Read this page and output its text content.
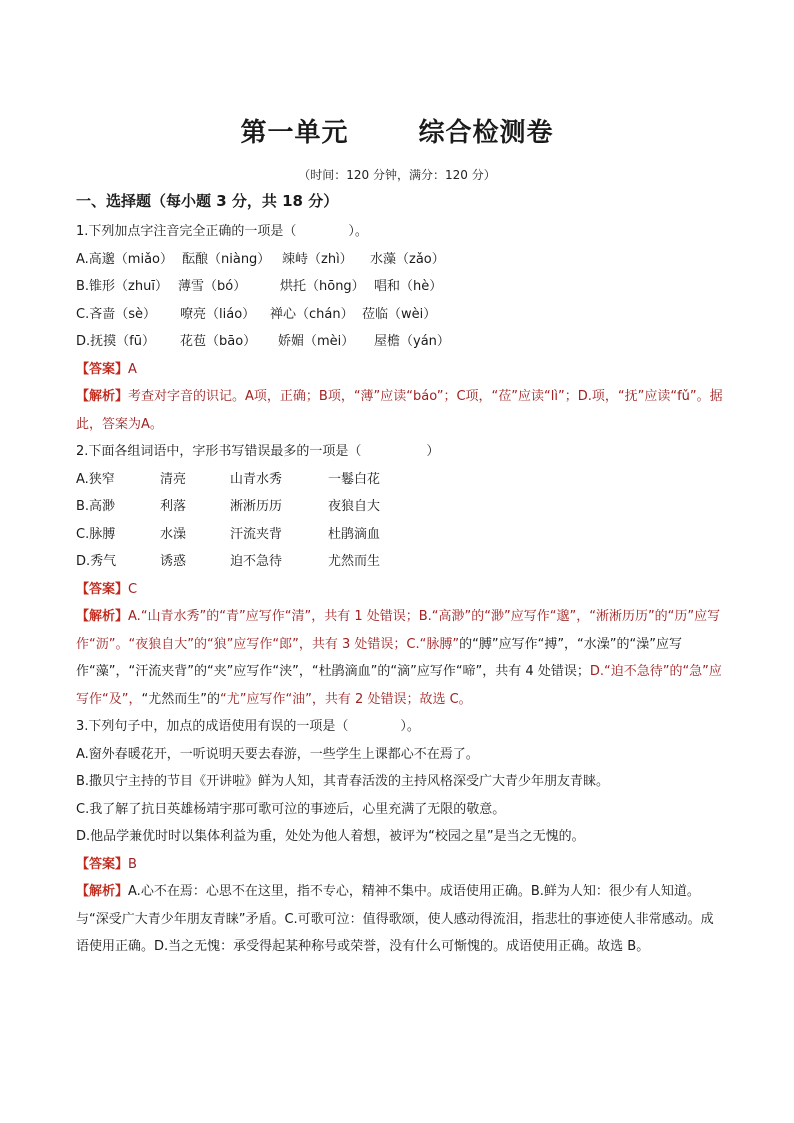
第一单元	综合检测卷
（时间：120 分钟，满分：120 分）
一、选择题（每小题 3 分，共 18 分）
1.下列加点字注音完全正确的一项是（　　　　）。
A.高邈（miǎo） 酝酿（niàng） 竦峙（zhì） 水藻（zǎo）
B.锥形（zhuī） 薄雪（bó）	烘托（hōng） 唱和（hè）
C.吝啬（sè） 嘹亮（liáo） 禅心（chán） 莅临（wèi）
D.抚摸（fū） 花苞（bāo） 娇媚（mèi） 屋檐（yán）
【答案】A
【解析】考查对字音的识记。A项，正确；B项，“薄”应读“báo”；C项，“莅”应读“lì”；D.项，“抚”应读“fǔ”。据此，答案为A。
2.下面各组词语中，字形书写错误最多的一项是（　　　　　）
A.狭窄	清亮	山青水秀	一鬈白花
B.高渺	利落	淅淅历历	夜狼自大
C.脉膊	水澡	汗流夹背	杜鹃滴血
D.秀气	诱惑	迫不急待	尤然而生
【答案】C
【解析】A.“山青水秀”的“青”应写作“清”，共有 1 处错误；B.“高渺”的“渺”应写作“邈”，“淅淅历历”的“历”应写作“沥”。“夜狼自大”的“狼”应写作“郎”，共有 3 处错误；C.“脉膊”的“膊”应写作“搏”，“水澡”的“澡”应写作“藻”，“汗流夹背”的“夹”应写作“浃”，“杜鹃滴血”的“滴”应写作“啼”，共有 4 处错误；D.“迫不急待”的“急”应写作“及”，“尤然而生”的“尤”应写作“油”，共有 2 处错误；故选 C。
3.下列句子中，加点的成语使用有误的一项是（　　　　）。
A.窗外春暖花开，一听说明天要去春游，一些学生上课都心不在焉了。
B.撒贝宁主持的节目《开讲啦》鲜为人知，其青春活泼的主持风格深受广大青少年朋友青睐。
C.我了解了抗日英雄杨靖宇那可歌可泣的事迹后，心里充满了无限的敬意。
D.他品学兼优时时以集体利益为重，处处为他人着想，被评为“校园之星”是当之无愧的。
【答案】B
【解析】A.心不在焉：心思不在这里，指不专心，精神不集中。成语使用正确。B.鲜为人知：很少有人知道。与“深受广大青少年朋友青睐”矛盾。C.可歌可泣：值得歌颂，使人感动得流泪，指悲壮的事迹使人非常感动。成语使用正确。D.当之无愧：承受得起某种称号或荣誉，没有什么可惭愧的。成语使用正确。故选 B。
